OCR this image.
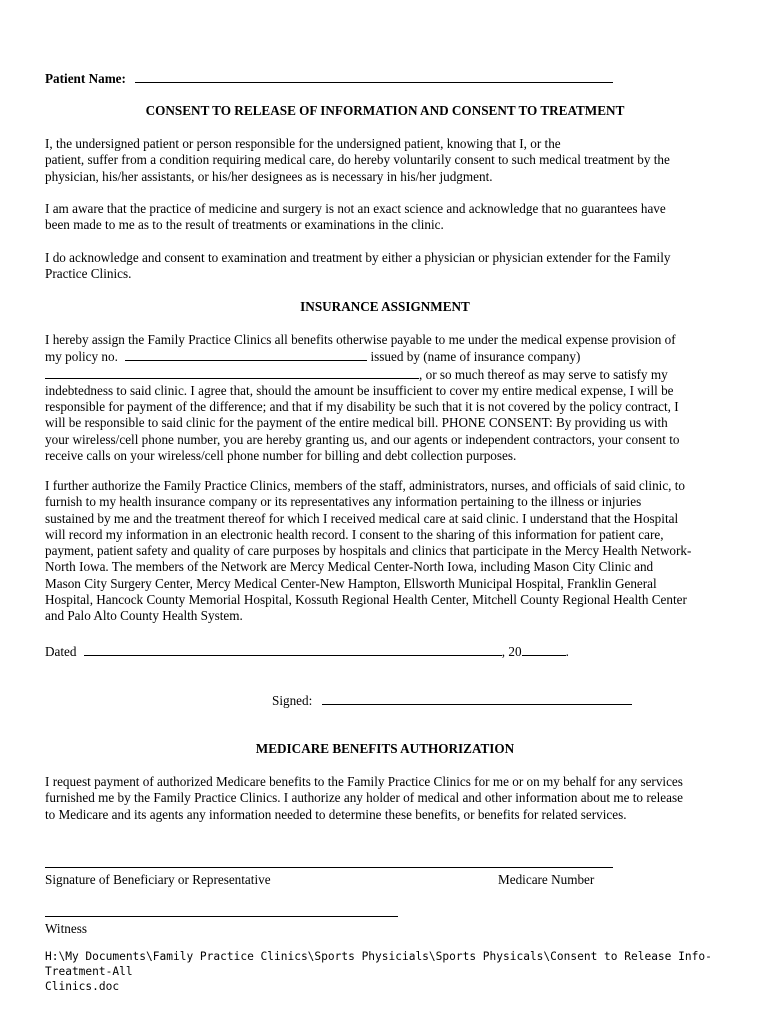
Patient Name:
CONSENT TO RELEASE OF INFORMATION AND CONSENT TO TREATMENT
I, the undersigned patient or person responsible for the undersigned patient, knowing that I, or the
patient, suffer from a condition requiring medical care, do hereby voluntarily consent to such medical treatment by the
physician, his/her assistants, or his/her designees as is necessary in his/her judgment.
I am aware that the practice of medicine and surgery is not an exact science and acknowledge that no guarantees have
been made to me as to the result of treatments or examinations in the clinic.
I do acknowledge and consent to examination and treatment by either a physician or physician extender for the Family
Practice Clinics.
INSURANCE ASSIGNMENT
I hereby assign the Family Practice Clinics all benefits otherwise payable to me under the medical expense provision of
my policy no.	issued by (name of insurance company)
, or so much thereof as may serve to satisfy my
indebtedness to said clinic. I agree that, should the amount be insufficient to cover my entire medical expense, I will be
responsible for payment of the difference; and that if my disability be such that it is not covered by the policy contract, I
will be responsible to said clinic for the payment of the entire medical bill. PHONE CONSENT: By providing us with
your wireless/cell phone number, you are hereby granting us, and our agents or independent contractors, your consent to
receive calls on your wireless/cell phone number for billing and debt collection purposes.
I further authorize the Family Practice Clinics, members of the staff, administrators, nurses, and officials of said clinic, to
furnish to my health insurance company or its representatives any information pertaining to the illness or injuries
sustained by me and the treatment thereof for which I received medical care at said clinic. I understand that the Hospital
will record my information in an electronic health record. I consent to the sharing of this information for patient care,
payment, patient safety and quality of care purposes by hospitals and clinics that participate in the Mercy Health Network-
North Iowa. The members of the Network are Mercy Medical Center-North Iowa, including Mason City Clinic and
Mason City Surgery Center, Mercy Medical Center-New Hampton, Ellsworth Municipal Hospital, Franklin General
Hospital, Hancock County Memorial Hospital, Kossuth Regional Health Center, Mitchell County Regional Health Center
and Palo Alto County Health System.
Dated	, 20	.
Signed:
MEDICARE BENEFITS AUTHORIZATION
I request payment of authorized Medicare benefits to the Family Practice Clinics for me or on my behalf for any services
furnished me by the Family Practice Clinics. I authorize any holder of medical and other information about me to release
to Medicare and its agents any information needed to determine these benefits, or benefits for related services.
Signature of Beneficiary or Representative	Medicare Number
Witness
H:\My Documents\Family Practice Clinics\Sports Physicials\Sports Physicals\Consent to Release Info-Treatment-All
Clinics.doc
